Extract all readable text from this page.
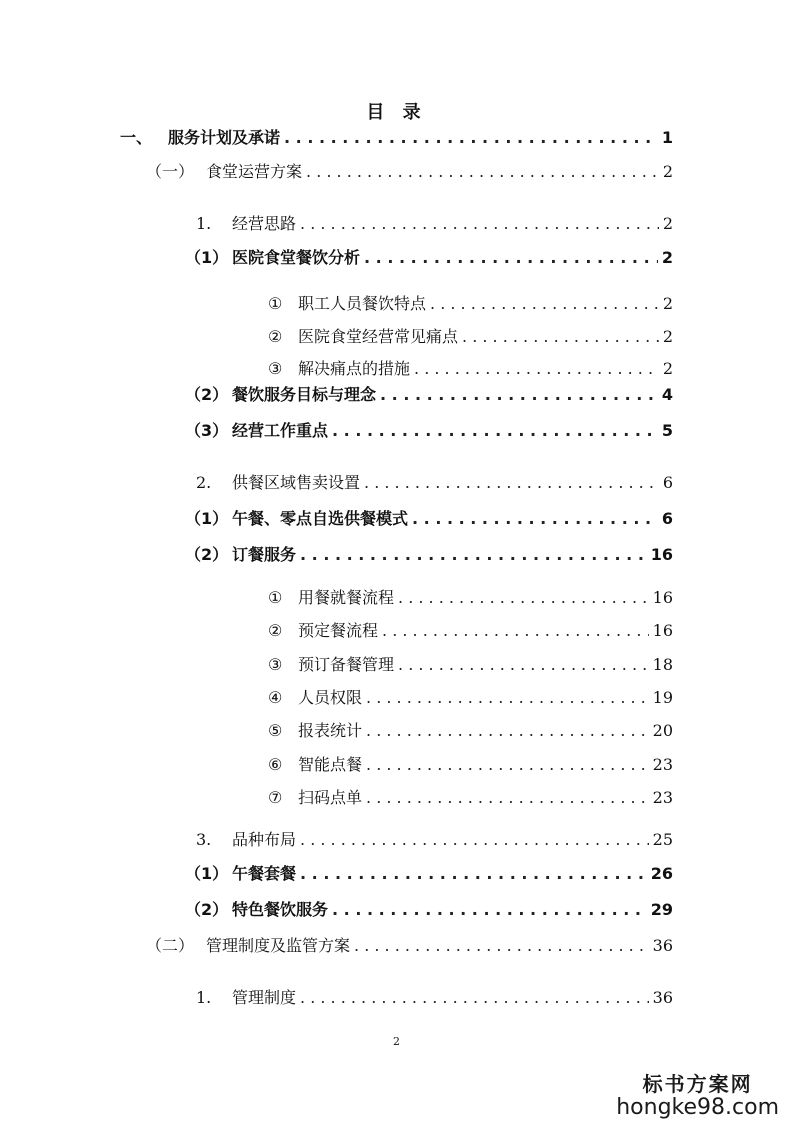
目 录
一、 服务计划及承诺 . . .	1
（一） 食堂运营方案 . . .	2
1.	经营思路 . . .	2
（1） 医院食堂餐饮分析 . . .	2
① 职工人员餐饮特点 . . .	2
② 医院食堂经营常见痛点 . . .	2
③ 解决痛点的措施 . . .	2
（2） 餐饮服务目标与理念 . . .	4
（3） 经营工作重点 . . .	5
2.	供餐区域售卖设置 . . .	6
（1） 午餐、零点自选供餐模式 . . .	6
（2） 订餐服务 . . .	16
① 用餐就餐流程 . . .	16
② 预定餐流程 . . .	16
③ 预订备餐管理 . . .	18
④ 人员权限 . . .	19
⑤ 报表统计 . . .	20
⑥ 智能点餐 . . .	23
⑦ 扫码点单 . . .	23
3.	品种布局 . . .	25
（1） 午餐套餐 . . .	26
（2） 特色餐饮服务 . . .	29
（二） 管理制度及监管方案 . . .	36
1.	管理制度 . . .	36
2
标书方案网
hongke98.com
